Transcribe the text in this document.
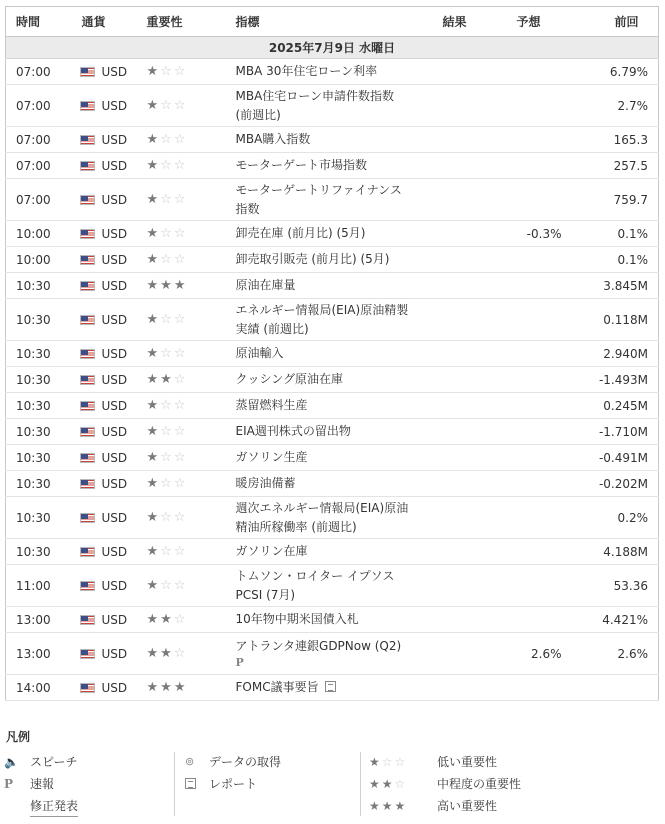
時間	通貨	重要性	指標	結果	予想	前回
2025年7月9日 水曜日						
07:00	USD	★☆☆	MBA 30年住宅ローン利率			6.79%
07:00	USD	★☆☆	MBA住宅ローン申請件数指数
(前週比)			2.7%
07:00	USD	★☆☆	MBA購入指数			165.3
07:00	USD	★☆☆	モーターゲート市場指数			257.5
07:00	USD	★☆☆	モーターゲートリファイナンス
指数			759.7
10:00	USD	★☆☆	卸売在庫 (前月比) (5月)		-0.3%	0.1%
10:00	USD	★☆☆	卸売取引販売 (前月比) (5月)			0.1%
10:30	USD	★★★	原油在庫量			3.845M
10:30	USD	★☆☆	エネルギー情報局(EIA)原油精製
実績 (前週比)			0.118M
10:30	USD	★☆☆	原油輸入			2.940M
10:30	USD	★★☆	クッシング原油在庫			-1.493M
10:30	USD	★☆☆	蒸留燃料生産			0.245M
10:30	USD	★☆☆	EIA週刊株式の留出物			-1.710M
10:30	USD	★☆☆	ガソリン生産			-0.491M
10:30	USD	★☆☆	暖房油備蓄			-0.202M
10:30	USD	★☆☆	週次エネルギー情報局(EIA)原油
精油所稼働率 (前週比)			0.2%
10:30	USD	★☆☆	ガソリン在庫			4.188M
11:00	USD	★☆☆	トムソン・ロイター イプソス
PCSI (7月)			53.36
13:00	USD	★★☆	10年物中期米国債入札			4.421%
13:00	USD	★★☆	アトランタ連銀GDPNow (Q2)
P		2.6%	2.6%
14:00	USD	★★★	FOMC議事要旨			
凡例
🔈 スピーチ
P 速報
修正発表
⊚ データの取得
レポート
★☆☆ 低い重要性
★★☆ 中程度の重要性
★★★ 高い重要性
